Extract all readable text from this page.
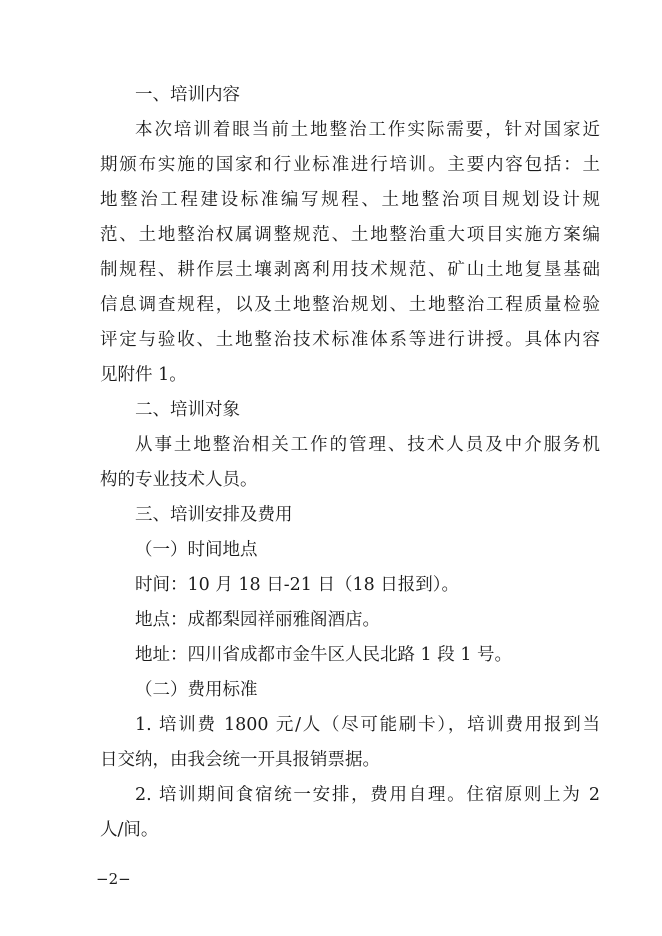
一、培训内容
本次培训着眼当前土地整治工作实际需要，针对国家近
期颁布实施的国家和行业标准进行培训。主要内容包括：土
地整治工程建设标准编写规程、土地整治项目规划设计规
范、土地整治权属调整规范、土地整治重大项目实施方案编
制规程、耕作层土壤剥离利用技术规范、矿山土地复垦基础
信息调查规程，以及土地整治规划、土地整治工程质量检验
评定与验收、土地整治技术标准体系等进行讲授。具体内容
见附件 1。
二、培训对象
从事土地整治相关工作的管理、技术人员及中介服务机
构的专业技术人员。
三、培训安排及费用
（一）时间地点
时间：10 月 18 日-21 日（18 日报到）。
地点：成都梨园祥丽雅阁酒店。
地址：四川省成都市金牛区人民北路 1 段 1 号。
（二）费用标准
1. 培训费 1800 元/人（尽可能刷卡），培训费用报到当
日交纳，由我会统一开具报销票据。
2. 培训期间食宿统一安排，费用自理。住宿原则上为 2
人/间。
−2−
